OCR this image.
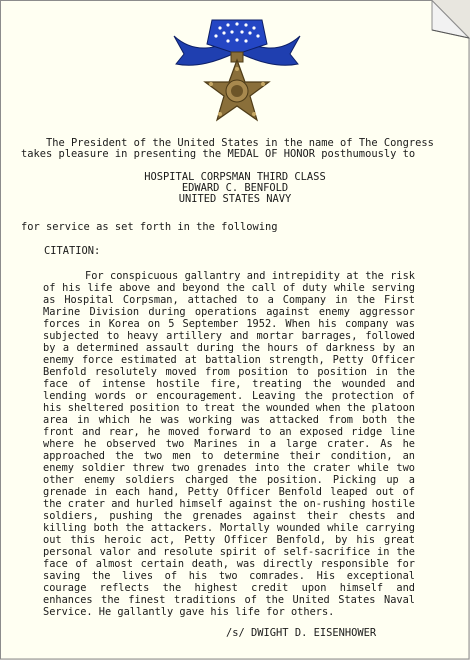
The President of the United States in the name of The Congress
takes pleasure in presenting the MEDAL OF HONOR posthumously to
HOSPITAL CORPSMAN THIRD CLASS
EDWARD C. BENFOLD
UNITED STATES NAVY
for service as set forth in the following
CITATION:
For conspicuous gallantry and intrepidity at the risk of his life above and beyond the call of duty while serving as Hospital Corpsman, attached to a Company in the First Marine Division during operations against enemy aggressor forces in Korea on 5 September 1952. When his company was subjected to heavy artillery and mortar barrages, followed by a determined assault during the hours of darkness by an enemy force estimated at battalion strength, Petty Officer Benfold resolutely moved from position to position in the face of intense hostile fire, treating the wounded and lending words or encouragement. Leaving the protection of his sheltered position to treat the wounded when the platoon area in which he was working was attacked from both the front and rear, he moved forward to an exposed ridge line where he observed two Marines in a large crater. As he approached the two men to determine their condition, an enemy soldier threw two grenades into the crater while two other enemy soldiers charged the position. Picking up a grenade in each hand, Petty Officer Benfold leaped out of the crater and hurled himself against the on-rushing hostile soldiers, pushing the grenades against their chests and killing both the attackers. Mortally wounded while carrying out this heroic act, Petty Officer Benfold, by his great personal valor and resolute spirit of self-sacrifice in the face of almost certain death, was directly responsible for saving the lives of his two comrades. His exceptional courage reflects the highest credit upon himself and enhances the finest traditions of the United States Naval Service. He gallantly gave his life for others.
/s/ DWIGHT D. EISENHOWER
